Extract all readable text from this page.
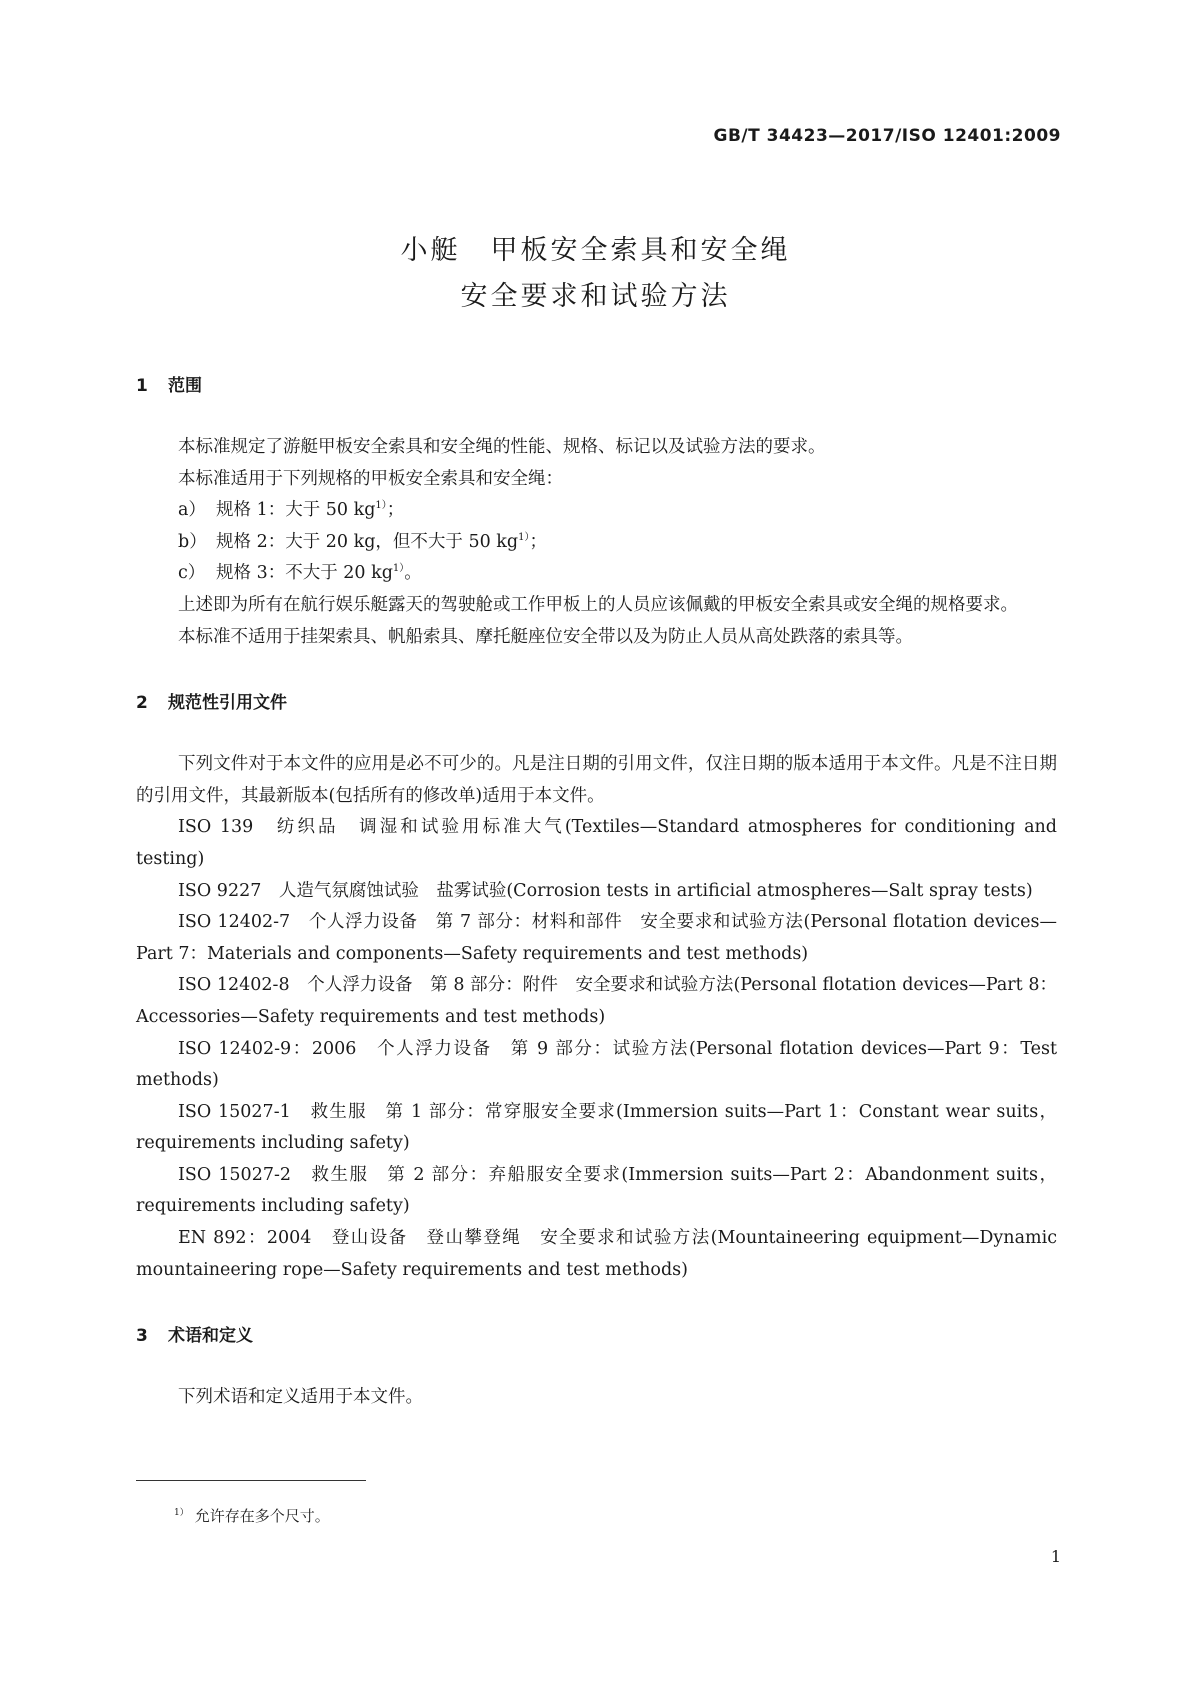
GB/T 34423—2017/ISO 12401:2009
小艇　甲板安全索具和安全绳
安全要求和试验方法
1 范围

本标准规定了游艇甲板安全索具和安全绳的性能、规格、标记以及试验方法的要求。

本标准适用于下列规格的甲板安全索具和安全绳：

a） 规格 1：大于 50 $kg^{1)}$；

b） 规格 2：大于 20 kg，但不大于 50 $kg^{1)}$；

c） 规格 3：不大于 20 $kg^{1)}$。

上述即为所有在航行娱乐艇露天的驾驶舱或工作甲板上的人员应该佩戴的甲板安全索具或安全绳的规格要求。

本标准不适用于挂架索具、帆船索具、摩托艇座位安全带以及为防止人员从高处跌落的索具等。

2 规范性引用文件

下列文件对于本文件的应用是必不可少的。凡是注日期的引用文件，仅注日期的版本适用于本文件。凡是不注日期的引用文件，其最新版本(包括所有的修改单)适用于本文件。

ISO 139　 纺织品　调湿和试验用标准大气(Textiles—Standard atmospheres for conditioning and testing)

ISO 9227　 人造气氛腐蚀试验　盐雾试验(Corrosion tests in artificial atmospheres—Salt spray tests)

ISO 12402-7　 个人浮力设备　第 7 部分：材料和部件　安全要求和试验方法(Personal flotation devices—Part 7：Materials and components—Safety requirements and test methods)

ISO 12402-8　 个人浮力设备　第 8 部分：附件　安全要求和试验方法(Personal flotation devices—Part 8：Accessories—Safety requirements and test methods)

ISO 12402-9：2006　 个人浮力设备　第 9 部分：试验方法(Personal flotation devices—Part 9：Test methods)

ISO 15027-1　 救生服　第 1 部分：常穿服安全要求(Immersion suits—Part 1：Constant wear suits，requirements including safety)

ISO 15027-2　 救生服　第 2 部分：弃船服安全要求(Immersion suits—Part 2：Abandonment suits，requirements including safety)

EN 892：2004　 登山设备　登山攀登绳　安全要求和试验方法(Mountaineering equipment—Dynamic mountaineering rope—Safety requirements and test methods)

3 术语和定义

下列术语和定义适用于本文件。

$^{1)}$ 允许存在多个尺寸。
1
